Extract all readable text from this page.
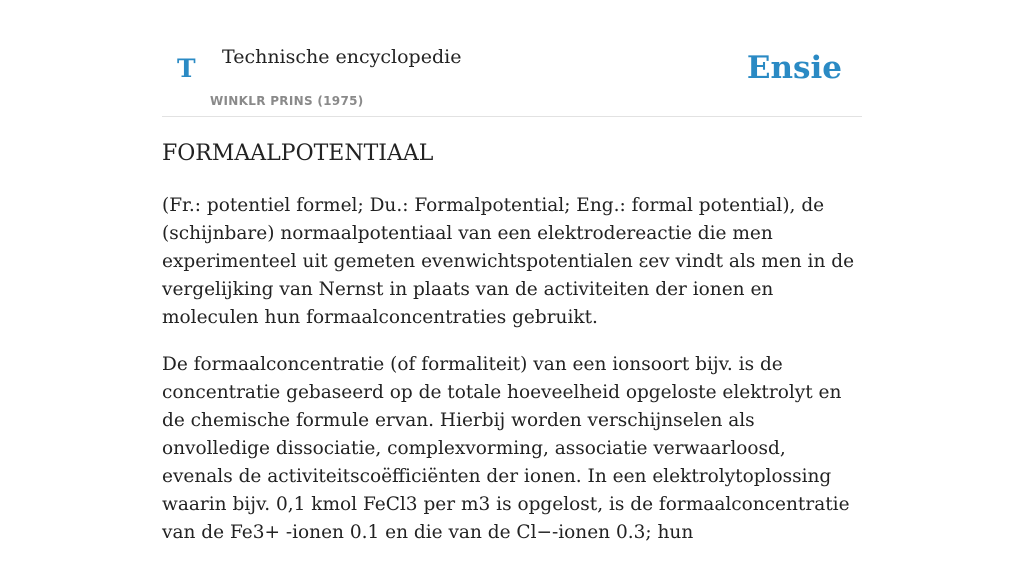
T Technische encyclopedie
WINKLR PRINS (1975)
Ensie
FORMAALPOTENTIAAL

(Fr.: potentiel formel; Du.: Formalpotential; Eng.: formal potential), de (schijnbare) normaalpotentiaal van een elektrodereactie die men experimenteel uit gemeten evenwichtspotentialen ɛev vindt als men in de vergelijking van Nernst in plaats van de activiteiten der ionen en moleculen hun formaalconcentraties gebruikt.

De formaalconcentratie (of formaliteit) van een ionsoort bijv. is de concentratie gebaseerd op de totale hoeveelheid opgeloste elektrolyt en de chemische formule ervan. Hierbij worden verschijnselen als onvolledige dissociatie, complexvorming, associatie verwaarloosd, evenals de activiteitscoëfficiënten der ionen. In een elektrolytoplossing waarin bijv. 0,1 kmol FeCl3 per m3 is opgelost, is de formaalconcentratie van de Fe3+ -ionen 0.1 en die van de Cl−-ionen 0.3; hun
